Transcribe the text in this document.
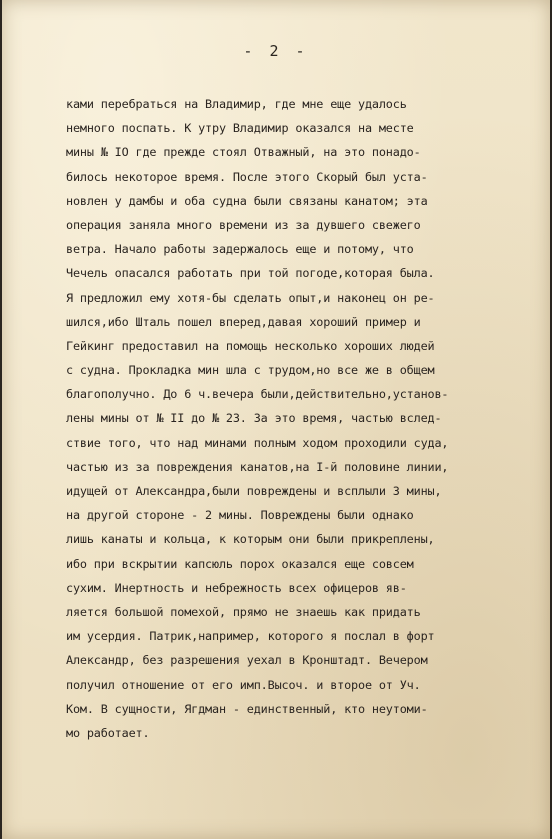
- 2 -
ками перебраться на Владимир, где мне еще удалось
немного поспать. К утру Владимир оказался на месте
мины № IO где прежде стоял Отважный, на это понадо-
билось некоторое время. После этого Скорый был уста-
новлен у дамбы и оба судна были связаны канатом; эта
операция заняла много времени из за дувшего свежего
ветра. Начало работы задержалось еще и потому, что
Чечель опасался работать при той погоде,которая была.
Я предложил ему хотя-бы сделать опыт,и наконец он ре-
шился,ибо Шталь пошел вперед,давая хороший пример и
Гейкинг предоставил на помощь несколько хороших людей
с судна. Прокладка мин шла с трудом,но все же в общем
благополучно. До 6 ч.вечера были,действительно,установ-
лены мины от № II до № 23. За это время, частью вслед-
ствие того, что над минами полным ходом проходили суда,
частью из за повреждения канатов,на I-й половине линии,
идущей от Александра,были повреждены и всплыли 3 мины,
на другой стороне - 2 мины. Повреждены были однако
лишь канаты и кольца, к которым они были прикреплены,
ибо при вскрытии капсюль порох оказался еще совсем
сухим. Инертность и небрежность всех офицеров яв-
ляется большой помехой, прямо не знаешь как придать
им усердия. Патрик,например, которого я послал в форт
Александр, без разрешения уехал в Кронштадт. Вечером
получил отношение от его имп.Высоч. и второе от Уч.
Ком. В сущности, Ягдман - единственный, кто неутоми-
мо работает.
